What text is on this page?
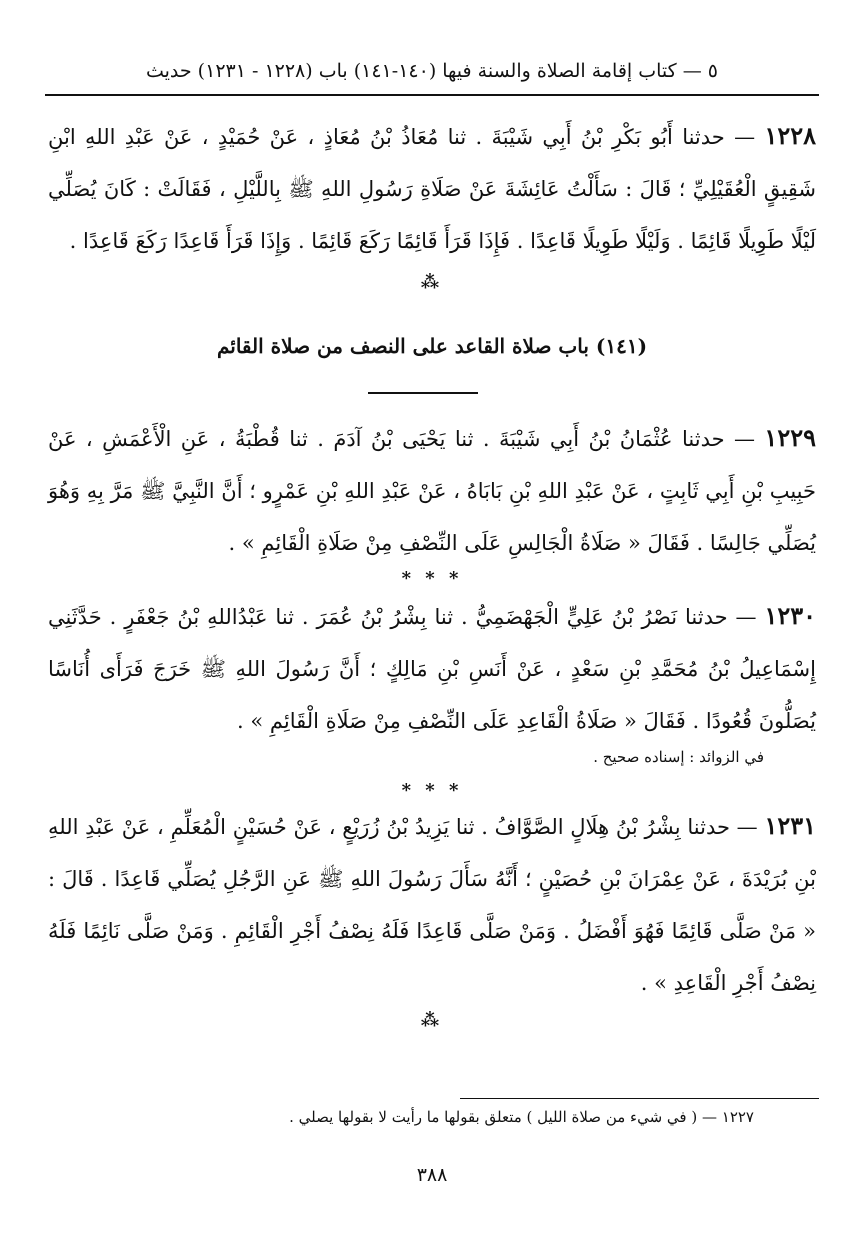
٥ — كتاب إقامة الصلاة والسنة فيها (١٤٠-١٤١) باب (١٢٢٨ - ١٢٣١) حديث
١٢٢٨ — حدثنا أَبُو بَكْرِ بْنُ أَبِي شَيْبَةَ . ثنا مُعَاذُ بْنُ مُعَاذٍ ، عَنْ حُمَيْدٍ ، عَنْ عَبْدِ اللهِ ابْنِ شَقِيقٍ الْعُقَيْلِيِّ ؛ قَالَ : سَأَلْتُ عَائِشَةَ عَنْ صَلَاةِ رَسُولِ اللهِ ﷺ بِاللَّيْلِ ، فَقَالَتْ : كَانَ يُصَلِّي لَيْلًا طَوِيلًا قَائِمًا . وَلَيْلًا طَوِيلًا قَاعِدًا . فَإِذَا قَرَأَ قَائِمًا رَكَعَ قَائِمًا . وَإِذَا قَرَأَ قَاعِدًا رَكَعَ قَاعِدًا .
⁂
(١٤١) باب صلاة القاعد على النصف من صلاة القائم
١٢٢٩ — حدثنا عُثْمَانُ بْنُ أَبِي شَيْبَةَ . ثنا يَحْيَى بْنُ آدَمَ . ثنا قُطْبَةُ ، عَنِ الْأَعْمَشِ ، عَنْ حَبِيبِ بْنِ أَبِي ثَابِتٍ ، عَنْ عَبْدِ اللهِ بْنِ بَابَاهُ ، عَنْ عَبْدِ اللهِ بْنِ عَمْرٍو ؛ أَنَّ النَّبِيَّ ﷺ مَرَّ بِهِ وَهُوَ يُصَلِّي جَالِسًا . فَقَالَ « صَلَاةُ الْجَالِسِ عَلَى النِّصْفِ مِنْ صَلَاةِ الْقَائِمِ » .
* * *
١٢٣٠ — حدثنا نَصْرُ بْنُ عَلِيٍّ الْجَهْضَمِيُّ . ثنا بِشْرُ بْنُ عُمَرَ . ثنا عَبْدُاللهِ بْنُ جَعْفَرٍ . حَدَّثَنِي إِسْمَاعِيلُ بْنُ مُحَمَّدِ بْنِ سَعْدٍ ، عَنْ أَنَسِ بْنِ مَالِكٍ ؛ أَنَّ رَسُولَ اللهِ ﷺ خَرَجَ فَرَأَى أُنَاسًا يُصَلُّونَ قُعُودًا . فَقَالَ « صَلَاةُ الْقَاعِدِ عَلَى النِّصْفِ مِنْ صَلَاةِ الْقَائِمِ » .
في الزوائد : إسناده صحيح .
* * *
١٢٣١ — حدثنا بِشْرُ بْنُ هِلَالٍ الصَّوَّافُ . ثنا يَزِيدُ بْنُ زُرَيْعٍ ، عَنْ حُسَيْنٍ الْمُعَلِّمِ ، عَنْ عَبْدِ اللهِ بْنِ بُرَيْدَةَ ، عَنْ عِمْرَانَ بْنِ حُصَيْنٍ ؛ أَنَّهُ سَأَلَ رَسُولَ اللهِ ﷺ عَنِ الرَّجُلِ يُصَلِّي قَاعِدًا . قَالَ : « مَنْ صَلَّى قَائِمًا فَهُوَ أَفْضَلُ . وَمَنْ صَلَّى قَاعِدًا فَلَهُ نِصْفُ أَجْرِ الْقَائِمِ . وَمَنْ صَلَّى نَائِمًا فَلَهُ نِصْفُ أَجْرِ الْقَاعِدِ » .
⁂
١٢٢٧ — ( في شيء من صلاة الليل ) متعلق بقولها ما رأيت لا بقولها يصلي .
٣٨٨
